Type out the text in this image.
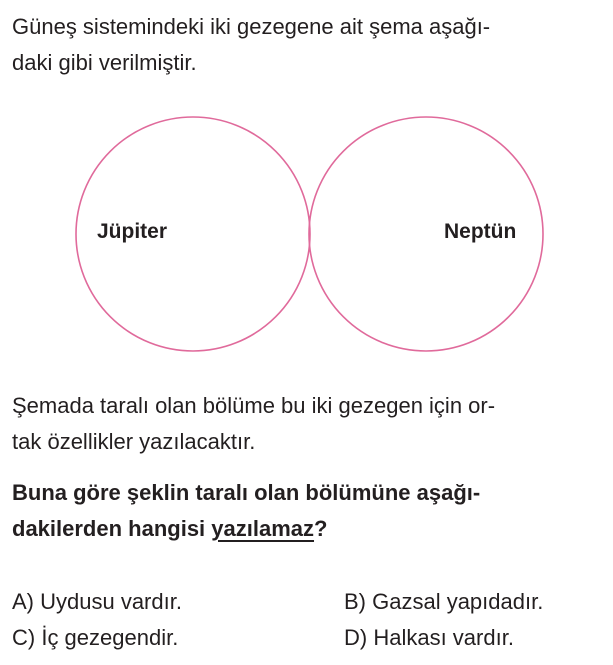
Güneş sistemindeki iki gezegene ait şema aşağı-

daki gibi verilmiştir.

Jüpiter	Neptün

Şemada taralı olan bölüme bu iki gezegen için or-

tak özellikler yazılacaktır.

Buna göre şeklin taralı olan bölümüne aşağı-

dakilerden hangisi yazılamaz?

A) Uydusu vardır.	B) Gazsal yapıdadır.
C) İç gezegendir.	D) Halkası vardır.
